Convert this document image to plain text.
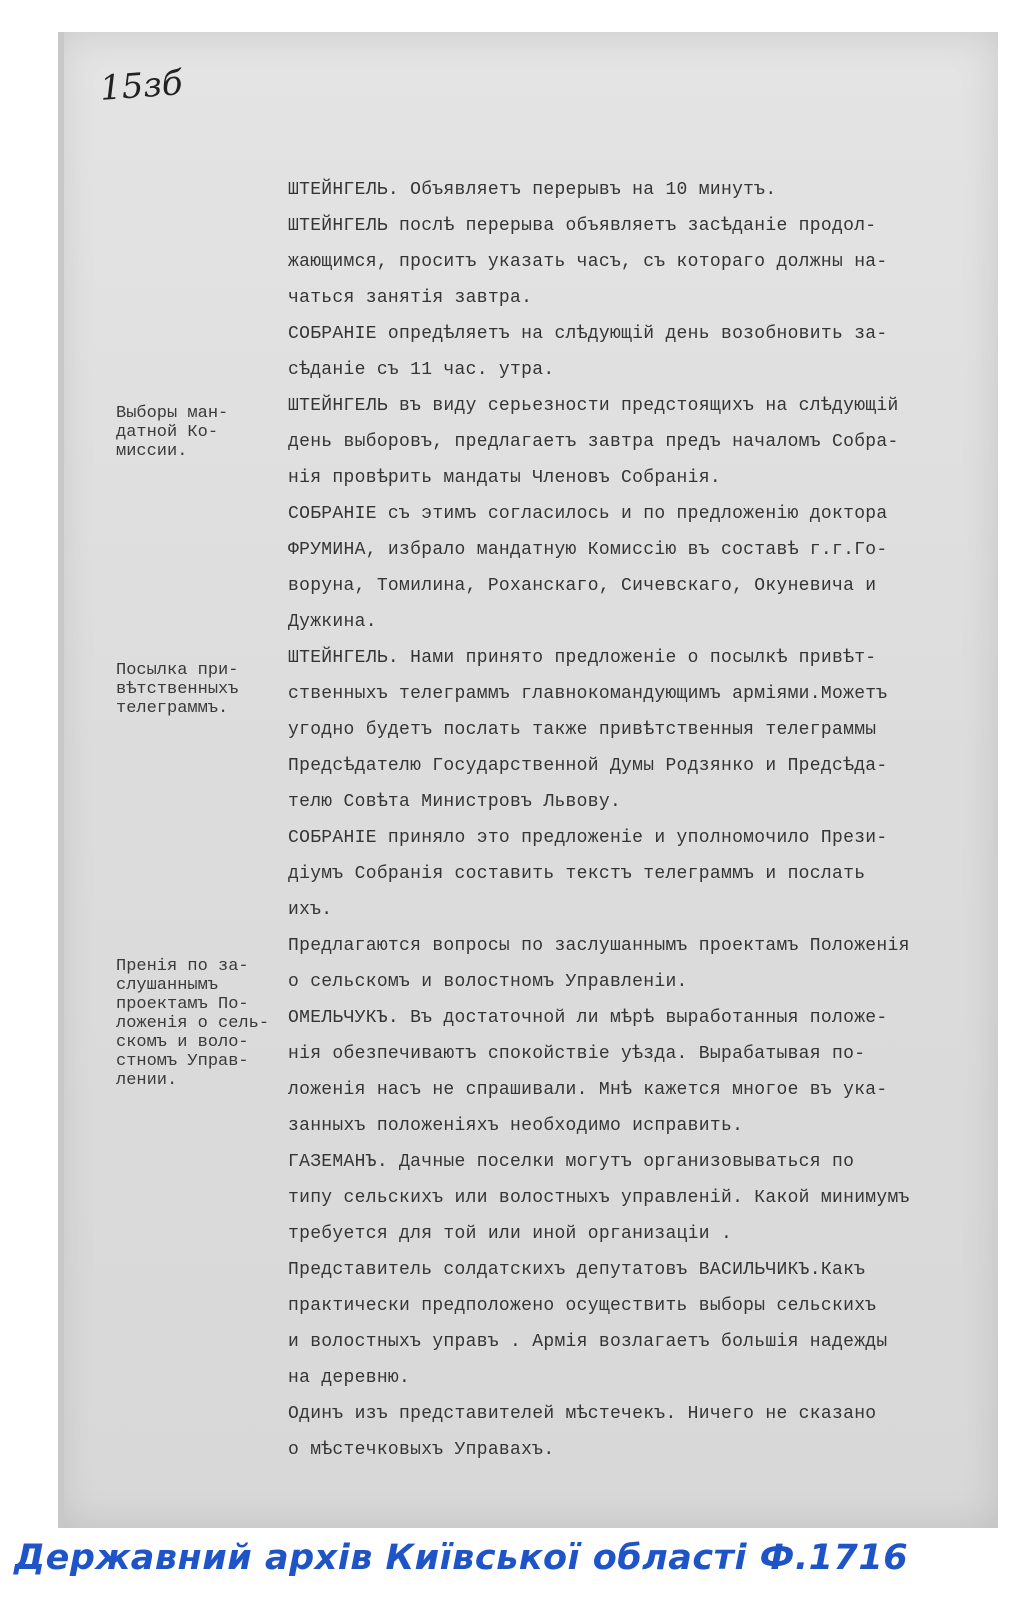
15зб
Выборы ман-
датной Ко-
миссии.
Посылка при-
вѣтственныхъ
телеграммъ.
Пренія по за-
слушаннымъ
проектамъ По-
ложенія о сель-
скомъ и воло-
стномъ Управ-
лении.

ШТЕЙНГЕЛЬ. Объявляетъ перерывъ на 10 минутъ.

ШТЕЙНГЕЛЬ послѣ перерыва объявляетъ засѣданіе продол-
жающимся, проситъ указать часъ, съ котораго должны на-
чаться занятія завтра.

СОБРАНІЕ опредѣляетъ на слѣдующій день возобновить за-
сѣданіе съ 11 час. утра.

ШТЕЙНГЕЛЬ въ виду серьезности предстоящихъ на слѣдующій
день выборовъ, предлагаетъ завтра предъ началомъ Собра-
нія провѣрить мандаты Членовъ Собранія.

СОБРАНІЕ съ этимъ согласилось и по предложенію доктора
ФРУМИНА, избрало мандатную Комиссію въ составѣ г.г.Го-
воруна, Томилина, Роханскаго, Сичевскаго, Окуневича и
Дужкина.

ШТЕЙНГЕЛЬ. Нами принято предложеніе о посылкѣ привѣт-
ственныхъ телеграммъ главнокомандующимъ арміями.Можетъ
угодно будетъ послать также привѣтственныя телеграммы
Предсѣдателю Государственной Думы Родзянко и Предсѣда-
телю Совѣта Министровъ Львову.

СОБРАНІЕ приняло это предложеніе и уполномочило Прези-
діумъ Собранія составить текстъ телеграммъ и послать
ихъ.

Предлагаются вопросы по заслушаннымъ проектамъ Положенія
о сельскомъ и волостномъ Управленіи.

ОМЕЛЬЧУКЪ. Въ достаточной ли мѣрѣ выработанныя положе-
нія обезпечиваютъ спокойствіе уѣзда. Вырабатывая по-
ложенія насъ не спрашивали. Мнѣ кажется многое въ ука-
занныхъ положеніяхъ необходимо исправить.

ГАЗЕМАНЪ. Дачные поселки могутъ организовываться по
типу сельскихъ или волостныхъ управленій. Какой минимумъ
требуется для той или иной организаціи .

Представитель солдатскихъ депутатовъ ВАСИЛЬЧИКЪ.Какъ
практически предположено осуществить выборы сельскихъ
и волостныхъ управъ . Армія возлагаетъ большія надежды
на деревню.

Одинъ изъ представителей мѣстечекъ. Ничего не сказано
о мѣстечковыхъ Управахъ.

Державний архів Київської області Ф.1716
